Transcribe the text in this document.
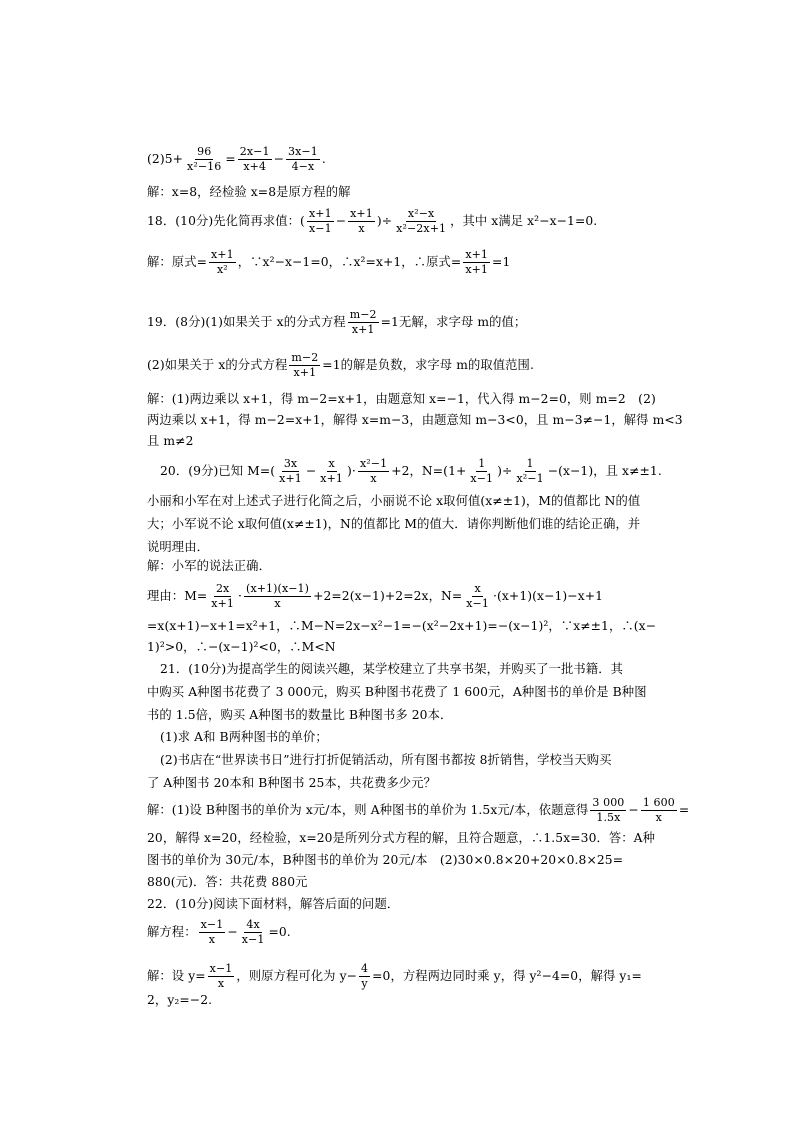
$(2)5+ \frac{96}{\text{x²−16}} = \frac{2x-1}{x+4} - \frac{3x-1}{4-x}$ .
解：x=8，经检验 x=8是原方程的解
18．(10分)先化简再求值：( $\frac{x+1}{x-1} - \frac{x+1}{x}$ )÷ $\frac{\text{x²−x}}{\text{x²−2x+1}}$ ，其中 x满足 x²−x−1=0.
解：原式= $\frac{x+1}{\text{x²}}$ ，∵x²−x−1=0，∴x²=x+1，∴原式= $\frac{x+1}{x+1} =1$
19．(8分)(1)如果关于 x的分式方程 $\frac{m-2}{x+1} =1$无解，求字母 m的值；
(2)如果关于 x的分式方程 $\frac{m-2}{x+1} =1$的解是负数，求字母 m的取值范围.
解：(1)两边乘以 x+1，得 m−2=x+1，由题意知 x=−1，代入得 m−2=0，则 m=2　(2)
两边乘以 x+1，得 m−2=x+1，解得 x=m−3，由题意知 m−3<0，且 m−3≠−1，解得 m<3
且 m≠2
20．(9分)已知 $M=( \frac{3x}{x+1} - \frac{x}{x+1}$ )· $\frac{\text{x²−1}}{x} +2$，$N=(1+ \frac{1}{x-1}$ )÷ $\frac{1}{\text{x²−1}} -(x-1)$，且 x≠±1.
小丽和小军在对上述式子进行化简之后，小丽说不论 x取何值(x≠±1)，M的值都比 N的值
大；小军说不论 x取何值(x≠±1)，N的值都比 M的值大．请你判断他们谁的结论正确，并
说明理由．
解：小军的说法正确．
理由：$M= \frac{2x}{x+1} \cdot \frac{(x+1)(x-1)}{x} +2=2(x-1)+2=2x$，$N= \frac{x}{x-1} \cdot(x+1)(x-1)-x+1$
=x(x+1)−x+1=x²+1，∴M−N=2x−x²−1=−(x²−2x+1)=−(x−1)²，∵x≠±1，∴(x−
1)²>0，∴−(x−1)²<0，∴M<N
21．(10分)为提高学生的阅读兴趣，某学校建立了共享书架，并购买了一批书籍．其
中购买 A种图书花费了 3 000元，购买 B种图书花费了 1 600元，A种图书的单价是 B种图
书的 1.5倍，购买 A种图书的数量比 B种图书多 20本．
(1)求 A和 B两种图书的单价；
(2)书店在“世界读书日”进行打折促销活动，所有图书都按 8折销售，学校当天购买
了 A种图书 20本和 B种图书 25本，共花费多少元？
解：(1)设 B种图书的单价为 x元/本，则 A种图书的单价为 1.5x元/本，依题意得 $\frac{3 000}{1.5x} - \frac{1 600}{x}$ =
20，解得 x=20，经检验，x=20是所列分式方程的解，且符合题意，∴1.5x=30．答：A种
图书的单价为 30元/本，B种图书的单价为 20元/本　(2)30×0.8×20+20×0.8×25=
880(元)．答：共花费 880元
22．(10分)阅读下面材料，解答后面的问题．
解方程： $\frac{x-1}{x} - \frac{4x}{x-1} =0$.
解：设 $y= \frac{x-1}{x}$ ，则原方程可化为 $y- \frac{4}{y} =0$，方程两边同时乘 y，得 y²−4=0，解得 y₁=
2，y₂=−2.
